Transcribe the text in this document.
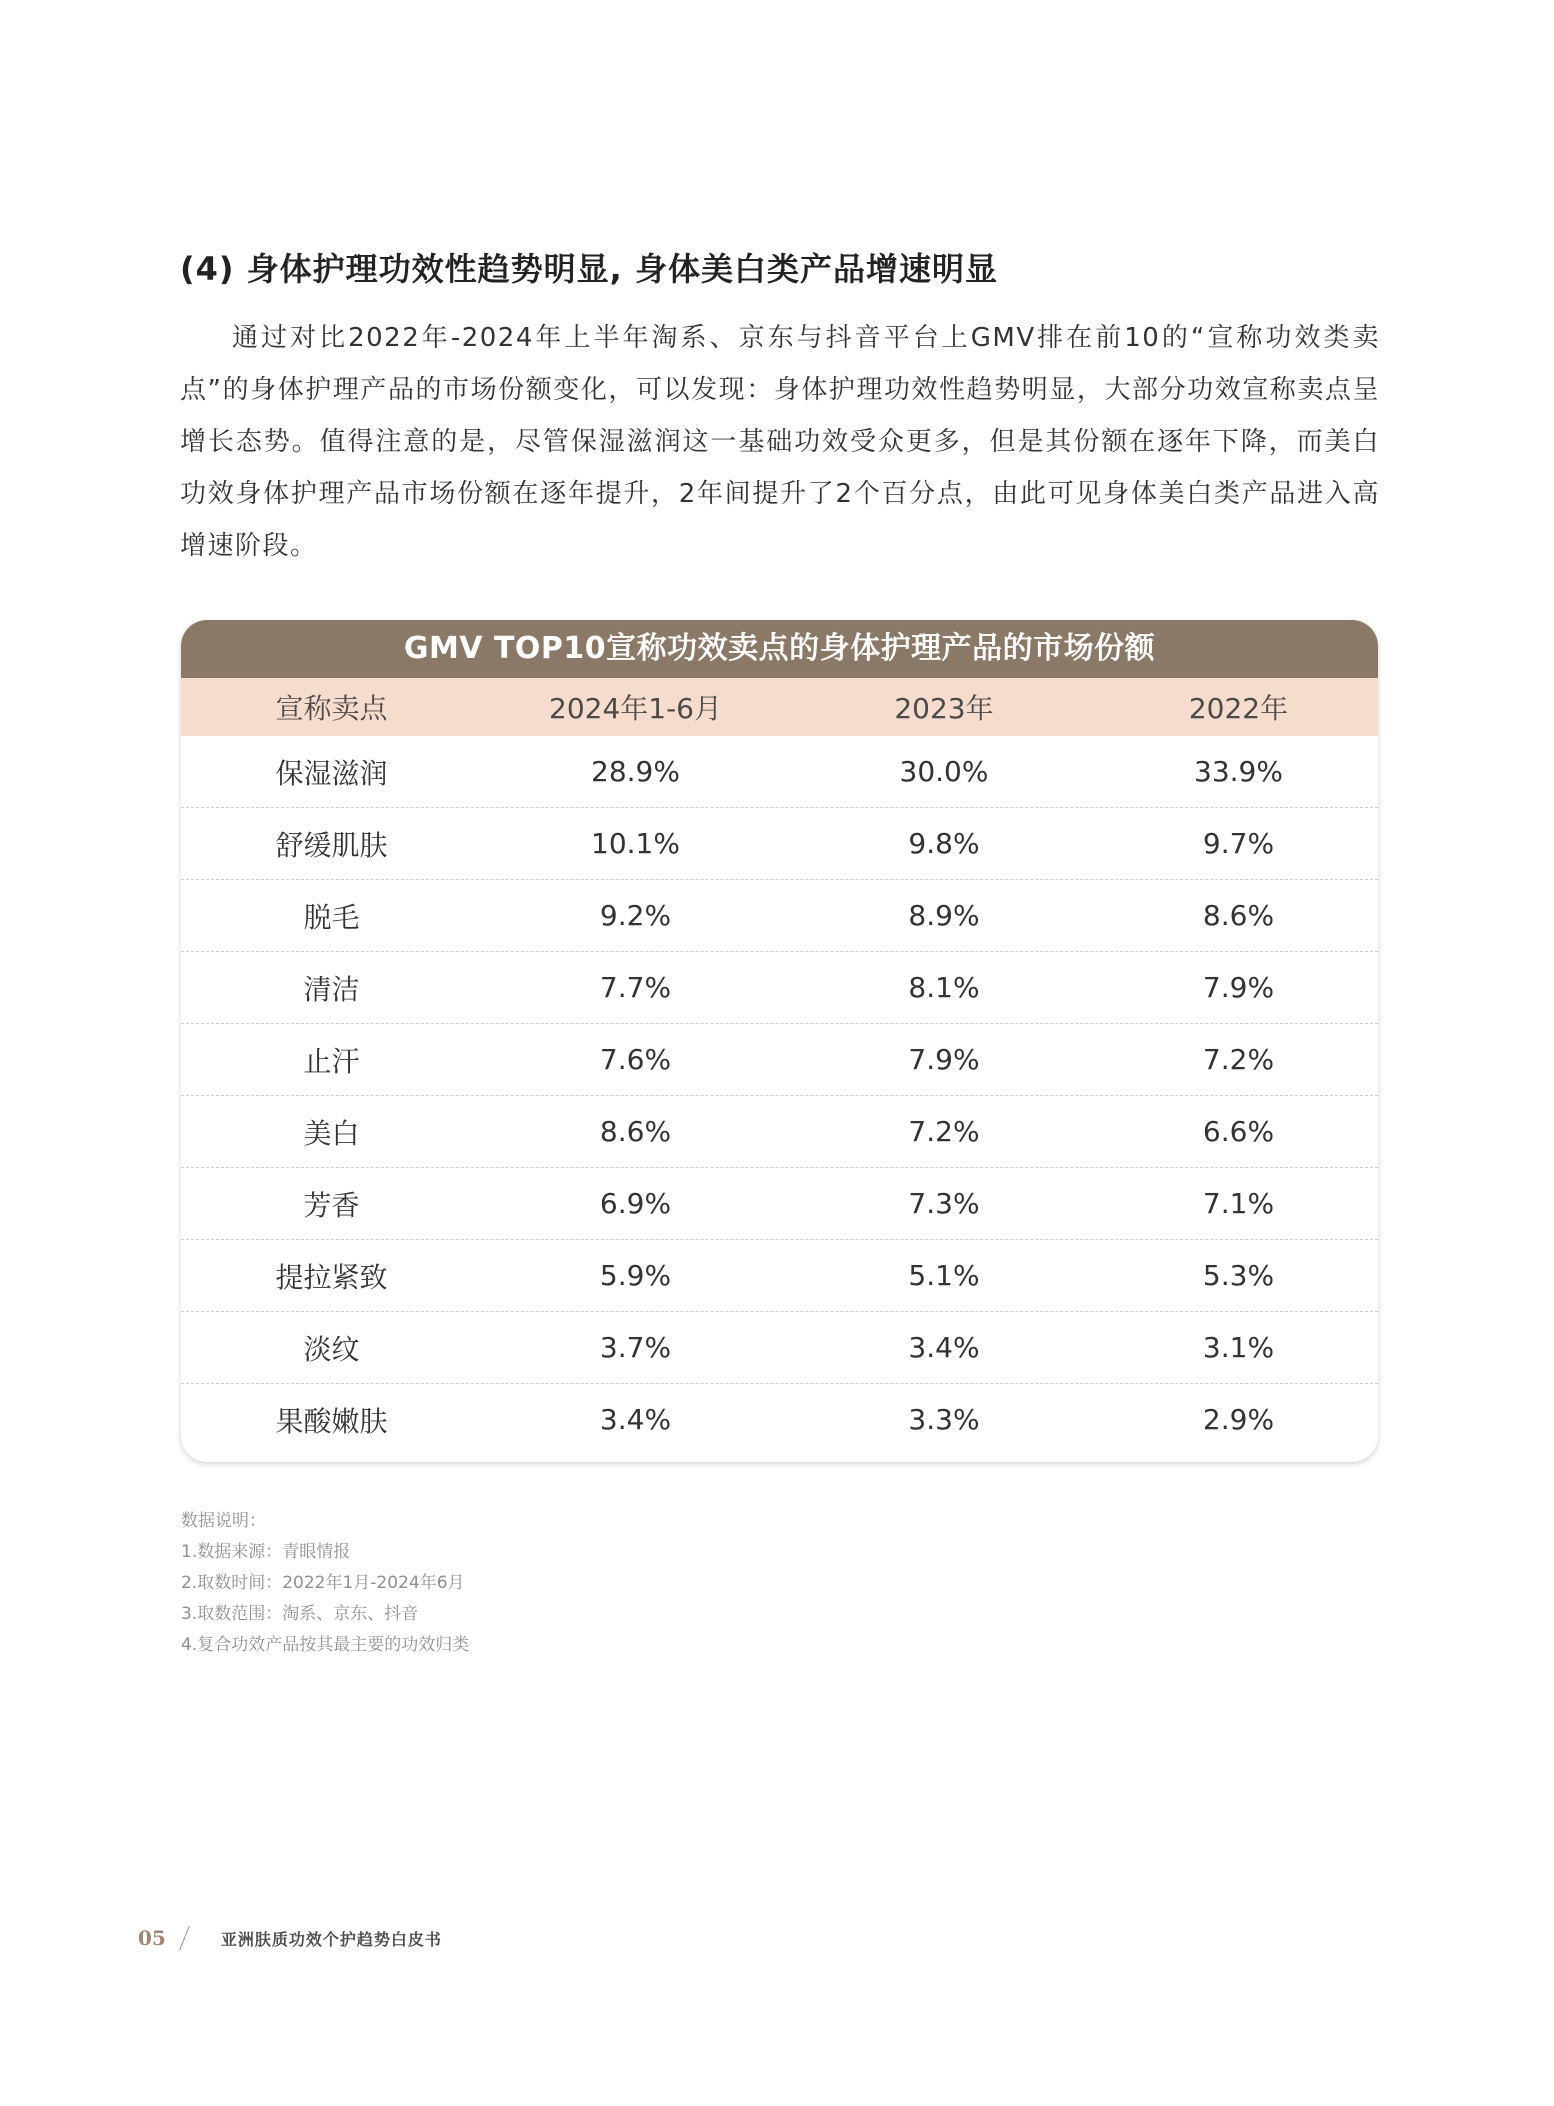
(4) 身体护理功效性趋势明显, 身体美白类产品增速明显

通过对比2022年-2024年上半年淘系、京东与抖音平台上GMV排在前10的“宣称功效类卖点”的身体护理产品的市场份额变化，可以发现：身体护理功效性趋势明显，大部分功效宣称卖点呈增长态势。值得注意的是，尽管保湿滋润这一基础功效受众更多，但是其份额在逐年下降，而美白功效身体护理产品市场份额在逐年提升，2年间提升了2个百分点，由此可见身体美白类产品进入高增速阶段。

GMV TOP10宣称功效卖点的身体护理产品的市场份额
宣称卖点	2024年1-6月	2023年	2022年
保湿滋润	28.9%	30.0%	33.9%
舒缓肌肤	10.1%	9.8%	9.7%
脱毛	9.2%	8.9%	8.6%
清洁	7.7%	8.1%	7.9%
止汗	7.6%	7.9%	7.2%
美白	8.6%	7.2%	6.6%
芳香	6.9%	7.3%	7.1%
提拉紧致	5.9%	5.1%	5.3%
淡纹	3.7%	3.4%	3.1%
果酸嫩肤	3.4%	3.3%	2.9%
数据说明：
1.数据来源：青眼情报
2.取数时间：2022年1月-2024年6月
3.取数范围：淘系、京东、抖音
4.复合功效产品按其最主要的功效归类
05	亚洲肤质功效个护趋势白皮书
